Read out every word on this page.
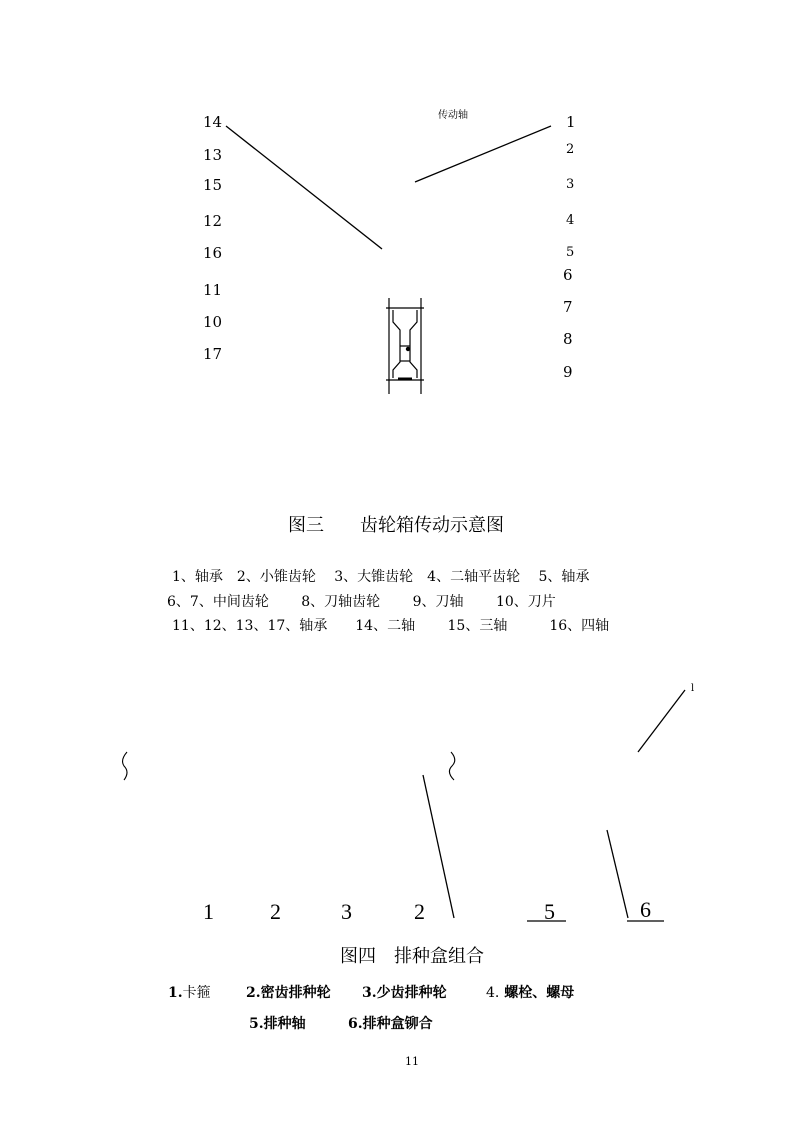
14
13
15
12
16
11
10
17
1
2
3
4
5
6
7
8
9
传动轴
图三　　齿轮箱传动示意图
1、轴承　2、小锥齿轮　 3、大锥齿轮　4、二轴平齿轮　 5、轴承
6、7、中间齿轮　　 8、刀轴齿轮　　 9、刀轴　　 10、刀片
11、12、13、17、轴承　　14、二轴　　 15、三轴　　　16、四轴
l
1	2	3	2	5	6
图四　排种盒组合
1.卡箍	2.密齿排种轮 3.少齿排种轮	4. 螺栓、螺母
5.排种轴	6.排种盒铆合
11
